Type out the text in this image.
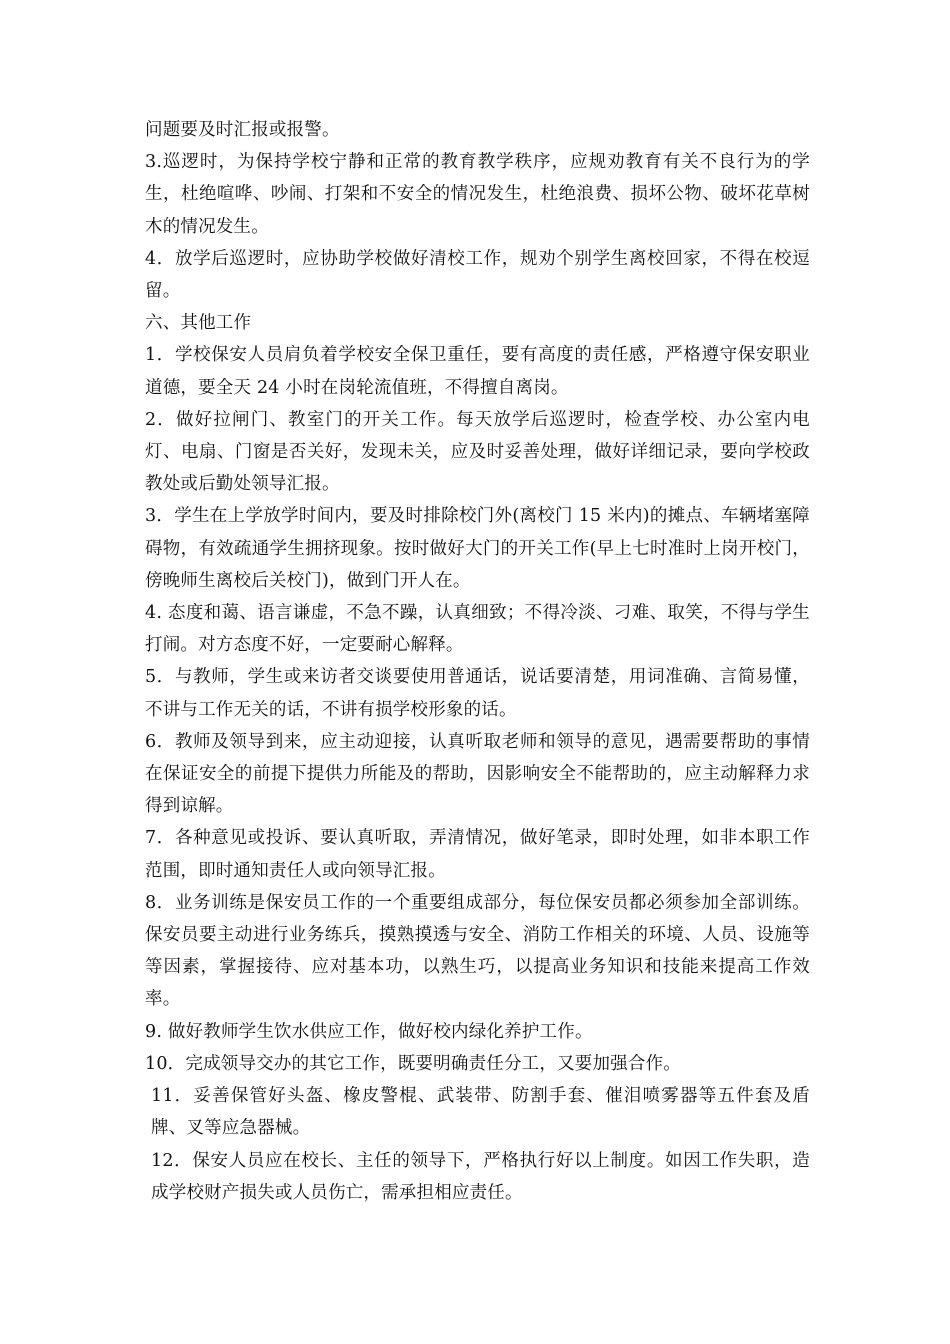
问题要及时汇报或报警。

3.巡逻时，为保持学校宁静和正常的教育教学秩序，应规劝教育有关不良行为的学生，杜绝喧哗、吵闹、打架和不安全的情况发生，杜绝浪费、损坏公物、破坏花草树木的情况发生。

4．放学后巡逻时，应协助学校做好清校工作，规劝个别学生离校回家，不得在校逗留。

六、其他工作

1．学校保安人员肩负着学校安全保卫重任，要有高度的责任感，严格遵守保安职业道德，要全天 24 小时在岗轮流值班，不得擅自离岗。

2．做好拉闸门、教室门的开关工作。每天放学后巡逻时，检查学校、办公室内电灯、电扇、门窗是否关好，发现未关，应及时妥善处理，做好详细记录，要向学校政教处或后勤处领导汇报。

3．学生在上学放学时间内，要及时排除校门外(离校门 15 米内)的摊点、车辆堵塞障碍物，有效疏通学生拥挤现象。按时做好大门的开关工作(早上七时准时上岗开校门，傍晚师生离校后关校门)，做到门开人在。

4. 态度和蔼、语言谦虚，不急不躁，认真细致；不得冷淡、刁难、取笑，不得与学生打闹。对方态度不好，一定要耐心解释。

5．与教师，学生或来访者交谈要使用普通话，说话要清楚，用词准确、言简易懂，不讲与工作无关的话，不讲有损学校形象的话。

6．教师及领导到来，应主动迎接，认真听取老师和领导的意见，遇需要帮助的事情在保证安全的前提下提供力所能及的帮助，因影响安全不能帮助的，应主动解释力求得到谅解。

7．各种意见或投诉、要认真听取，弄清情况，做好笔录，即时处理，如非本职工作范围，即时通知责任人或向领导汇报。

8．业务训练是保安员工作的一个重要组成部分，每位保安员都必须参加全部训练。保安员要主动进行业务练兵，摸熟摸透与安全、消防工作相关的环境、人员、设施等等因素，掌握接待、应对基本功，以熟生巧，以提高业务知识和技能来提高工作效率。

9. 做好教师学生饮水供应工作，做好校内绿化养护工作。

10．完成领导交办的其它工作，既要明确责任分工，又要加强合作。

11．妥善保管好头盔、橡皮警棍、武装带、防割手套、催泪喷雾器等五件套及盾牌、叉等应急器械。

12．保安人员应在校长、主任的领导下，严格执行好以上制度。如因工作失职，造成学校财产损失或人员伤亡，需承担相应责任。
